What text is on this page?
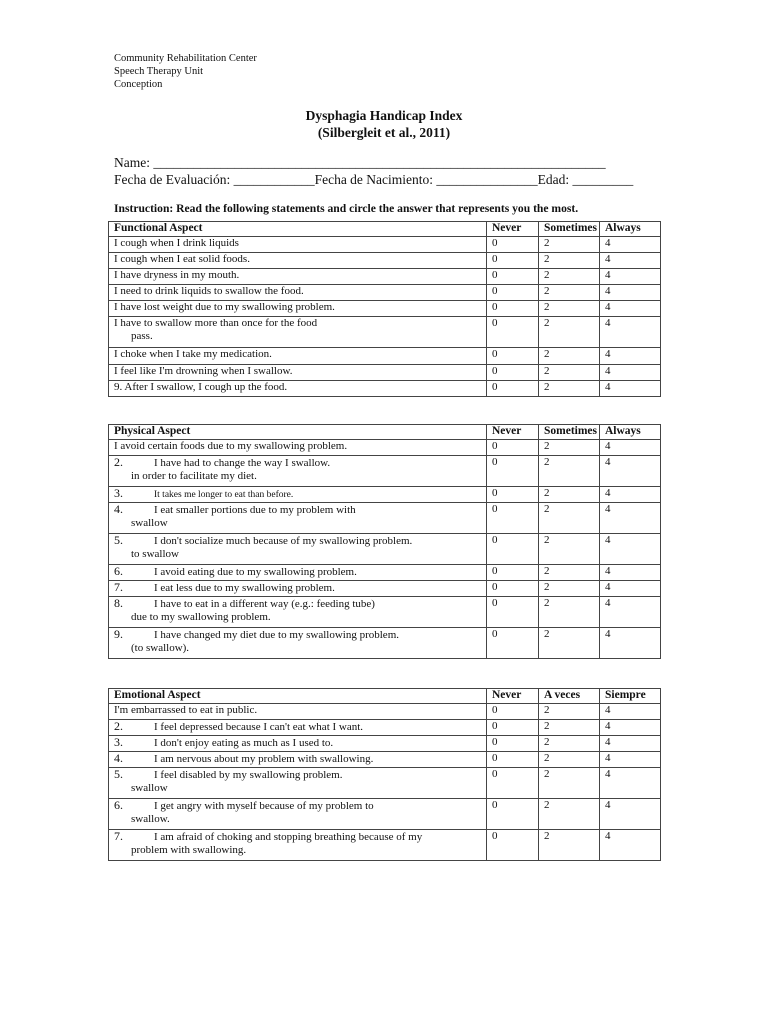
Community Rehabilitation Center
Speech Therapy Unit
Conception
Dysphagia Handicap Index
(Silbergleit et al., 2011)
Name: ___________________________________________________________________
Fecha de Evaluación: ____________Fecha de Nacimiento: _______________Edad: _________
Instruction: Read the following statements and circle the answer that represents you the most.
Functional Aspect	Never	Sometimes	Always

I cough when I drink liquids	0	2	4

I cough when I eat solid foods.	0	2	4

I have dryness in my mouth.	0	2	4

I need to drink liquids to swallow the food.	0	2	4

I have lost weight due to my swallowing problem.	0	2	4

I have to swallow more than once for the food
pass.	0	2	4

I choke when I take my medication.	0	2	4

I feel like I'm drowning when I swallow.	0	2	4

9. After I swallow, I cough up the food.	0	2	4
Physical Aspect	Never	Sometimes	Always

I avoid certain foods due to my swallowing problem.	0	2	4

2. I have had to change the way I swallow.
in order to facilitate my diet.	0	2	4

3. It takes me longer to eat than before.	0	2	4

4. I eat smaller portions due to my problem with
swallow	0	2	4

5. I don't socialize much because of my swallowing problem.
to swallow	0	2	4

6. I avoid eating due to my swallowing problem.	0	2	4

7. I eat less due to my swallowing problem.	0	2	4

8. I have to eat in a different way (e.g.: feeding tube)
due to my swallowing problem.	0	2	4

9. I have changed my diet due to my swallowing problem.
(to swallow).	0	2	4
Emotional Aspect	Never	A veces	Siempre

I'm embarrassed to eat in public.	0	2	4

2. I feel depressed because I can't eat what I want.	0	2	4

3. I don't enjoy eating as much as I used to.	0	2	4

4. I am nervous about my problem with swallowing.	0	2	4

5. I feel disabled by my swallowing problem.
swallow	0	2	4

6. I get angry with myself because of my problem to
swallow.	0	2	4

7. I am afraid of choking and stopping breathing because of my
problem with swallowing.	0	2	4
